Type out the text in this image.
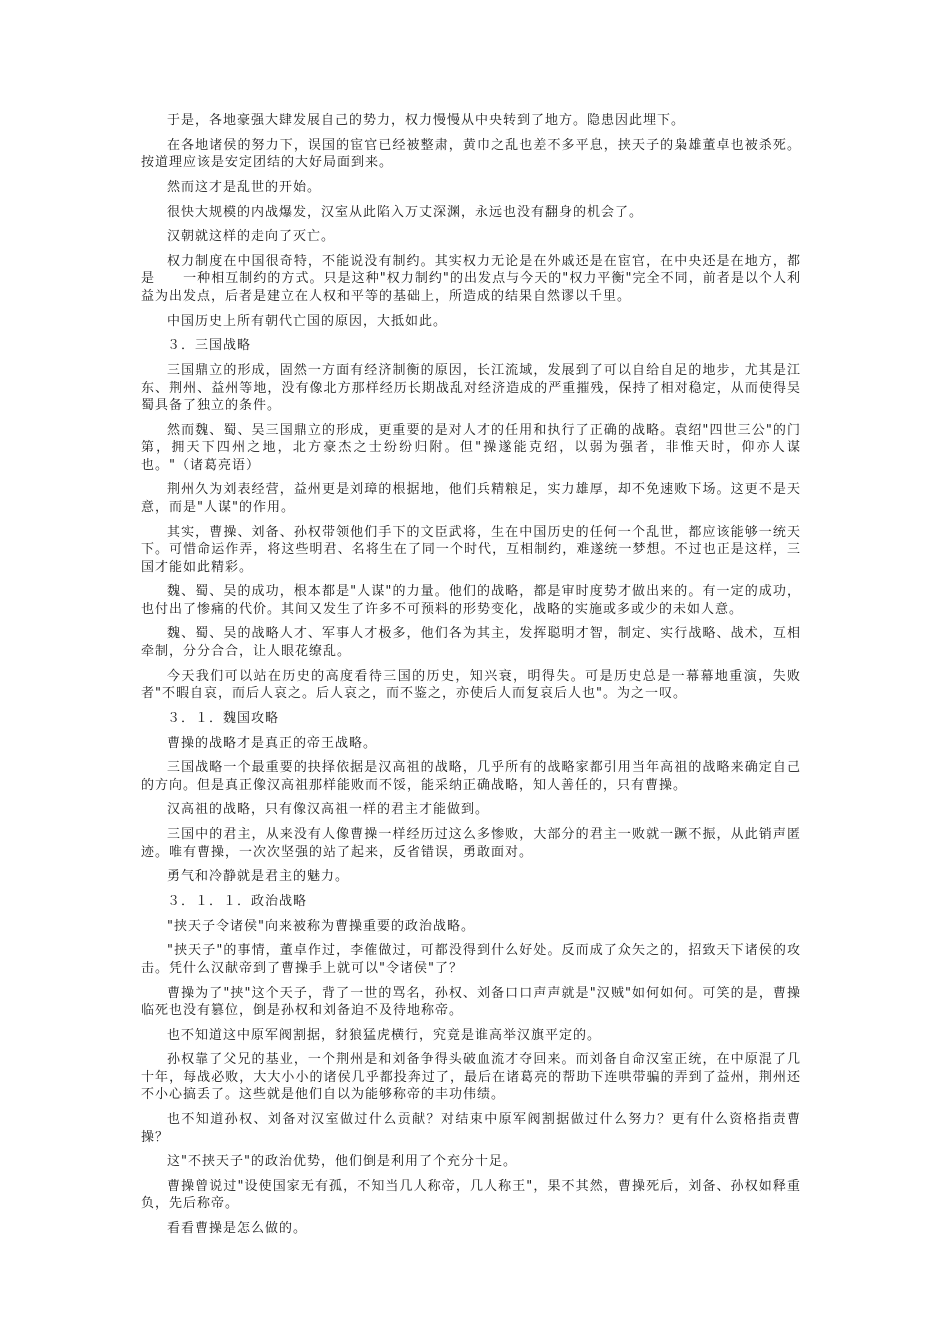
于是，各地豪强大肆发展自己的势力，权力慢慢从中央转到了地方。隐患因此埋下。

在各地诸侯的努力下，误国的宦官已经被整肃，黄巾之乱也差不多平息，挟天子的枭雄董卓也被杀死。按道理应该是安定团结的大好局面到来。

然而这才是乱世的开始。

很快大规模的内战爆发，汉室从此陷入万丈深渊，永远也没有翻身的机会了。

汉朝就这样的走向了灭亡。

权力制度在中国很奇特，不能说没有制约。其实权力无论是在外戚还是在宦官，在中央还是在地方，都是　　一种相互制约的方式。只是这种"权力制约"的出发点与今天的"权力平衡"完全不同，前者是以个人利益为出发点，后者是建立在人权和平等的基础上，所造成的结果自然谬以千里。

中国历史上所有朝代亡国的原因，大抵如此。

３．三国战略

三国鼎立的形成，固然一方面有经济制衡的原因，长江流域，发展到了可以自给自足的地步，尤其是江东、荆州、益州等地，没有像北方那样经历长期战乱对经济造成的严重摧残，保持了相对稳定，从而使得吴蜀具备了独立的条件。

然而魏、蜀、吴三国鼎立的形成，更重要的是对人才的任用和执行了正确的战略。袁绍"四世三公"的门第，拥天下四州之地，北方豪杰之士纷纷归附。但"操遂能克绍，以弱为强者，非惟天时，仰亦人谋也。"（诸葛亮语）

荆州久为刘表经营，益州更是刘璋的根据地，他们兵精粮足，实力雄厚，却不免速败下场。这更不是天意，而是"人谋"的作用。

其实，曹操、刘备、孙权带领他们手下的文臣武将，生在中国历史的任何一个乱世，都应该能够一统天下。可惜命运作弄，将这些明君、名将生在了同一个时代，互相制约，难遂统一梦想。不过也正是这样，三国才能如此精彩。

魏、蜀、吴的成功，根本都是"人谋"的力量。他们的战略，都是审时度势才做出来的。有一定的成功，也付出了惨痛的代价。其间又发生了许多不可预料的形势变化，战略的实施或多或少的未如人意。

魏、蜀、吴的战略人才、军事人才极多，他们各为其主，发挥聪明才智，制定、实行战略、战术，互相牵制，分分合合，让人眼花缭乱。

今天我们可以站在历史的高度看待三国的历史，知兴衰，明得失。可是历史总是一幕幕地重演，失败者"不暇自哀，而后人哀之。后人哀之，而不鉴之，亦使后人而复哀后人也"。为之一叹。

３．１．魏国攻略

曹操的战略才是真正的帝王战略。

三国战略一个最重要的抉择依据是汉高祖的战略，几乎所有的战略家都引用当年高祖的战略来确定自己的方向。但是真正像汉高祖那样能败而不馁，能采纳正确战略，知人善任的，只有曹操。

汉高祖的战略，只有像汉高祖一样的君主才能做到。

三国中的君主，从来没有人像曹操一样经历过这么多惨败，大部分的君主一败就一蹶不振，从此销声匿迹。唯有曹操，一次次坚强的站了起来，反省错误，勇敢面对。

勇气和冷静就是君主的魅力。

３．１．１．政治战略

"挟天子令诸侯"向来被称为曹操重要的政治战略。

"挟天子"的事情，董卓作过，李傕做过，可都没得到什么好处。反而成了众矢之的，招致天下诸侯的攻击。凭什么汉献帝到了曹操手上就可以"令诸侯"了？

曹操为了"挟"这个天子，背了一世的骂名，孙权、刘备口口声声就是"汉贼"如何如何。可笑的是，曹操临死也没有篡位，倒是孙权和刘备迫不及待地称帝。

也不知道这中原军阀割据，豺狼猛虎横行，究竟是谁高举汉旗平定的。

孙权靠了父兄的基业，一个荆州是和刘备争得头破血流才夺回来。而刘备自命汉室正统，在中原混了几十年，每战必败，大大小小的诸侯几乎都投奔过了，最后在诸葛亮的帮助下连哄带骗的弄到了益州，荆州还不小心搞丢了。这些就是他们自以为能够称帝的丰功伟绩。

也不知道孙权、刘备对汉室做过什么贡献？对结束中原军阀割据做过什么努力？更有什么资格指责曹操？

这"不挟天子"的政治优势，他们倒是利用了个充分十足。

曹操曾说过"设使国家无有孤，不知当几人称帝，几人称王"，果不其然，曹操死后，刘备、孙权如释重负，先后称帝。

看看曹操是怎么做的。
